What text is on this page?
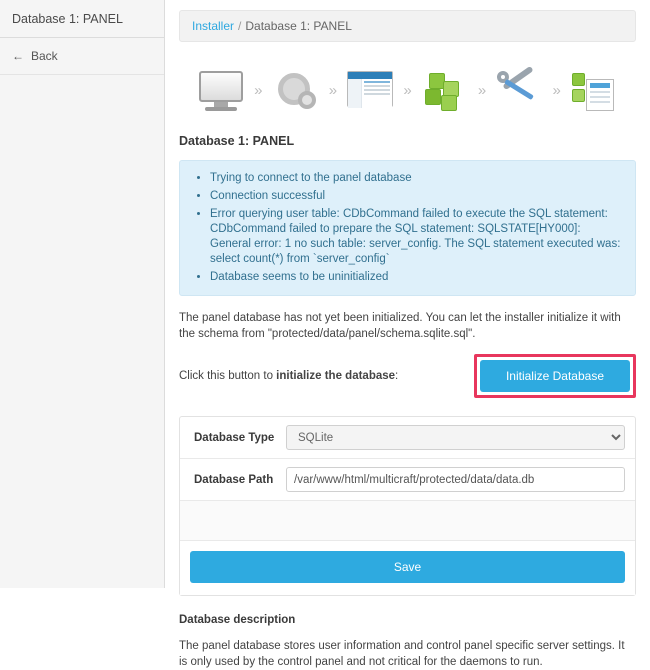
Database 1: PANEL
← Back
Installer / Database 1: PANEL
»	»	»	»	»
Database 1: PANEL
• Trying to connect to the panel database
• Connection successful
• Error querying user table: CDbCommand failed to execute the SQL statement: CDbCommand failed to prepare the SQL statement: SQLSTATE[HY000]: General error: 1 no such table: server_config. The SQL statement executed was: select count(*) from `server_config`
• Database seems to be uninitialized

The panel database has not yet been initialized. You can let the installer initialize it with the schema from "protected/data/panel/schema.sqlite.sql".

Click this button to initialize the database:	Initialize Database
Database Type
SQLite
Database Path
/var/www/html/multicraft/protected/data/data.db
Save
Database description

The panel database stores user information and control panel specific server settings. It is only used by the control panel and not critical for the daemons to run.
